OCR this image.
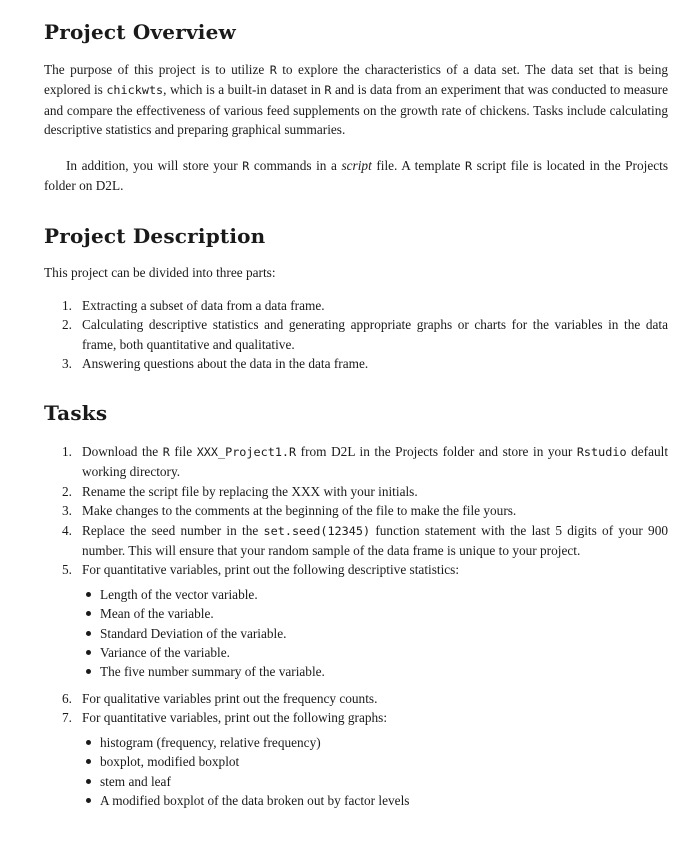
Project Overview
The purpose of this project is to utilize R to explore the characteristics of a data set. The data set that is being explored is chickwts, which is a built-in dataset in R and is data from an experiment that was conducted to measure and compare the effectiveness of various feed supplements on the growth rate of chickens. Tasks include calculating descriptive statistics and preparing graphical summaries.
In addition, you will store your R commands in a script file. A template R script file is located in the Projects folder on D2L.
Project Description
This project can be divided into three parts:
1. Extracting a subset of data from a data frame.
2. Calculating descriptive statistics and generating appropriate graphs or charts for the variables in the data frame, both quantitative and qualitative.
3. Answering questions about the data in the data frame.
Tasks
1. Download the R file XXX_Project1.R from D2L in the Projects folder and store in your Rstudio default working directory.
2. Rename the script file by replacing the XXX with your initials.
3. Make changes to the comments at the beginning of the file to make the file yours.
4. Replace the seed number in the set.seed(12345) function statement with the last 5 digits of your 900 number. This will ensure that your random sample of the data frame is unique to your project.
5. For quantitative variables, print out the following descriptive statistics:
Length of the vector variable.
Mean of the variable.
Standard Deviation of the variable.
Variance of the variable.
The five number summary of the variable.
6. For qualitative variables print out the frequency counts.
7. For quantitative variables, print out the following graphs:
histogram (frequency, relative frequency)
boxplot, modified boxplot
stem and leaf
A modified boxplot of the data broken out by factor levels
